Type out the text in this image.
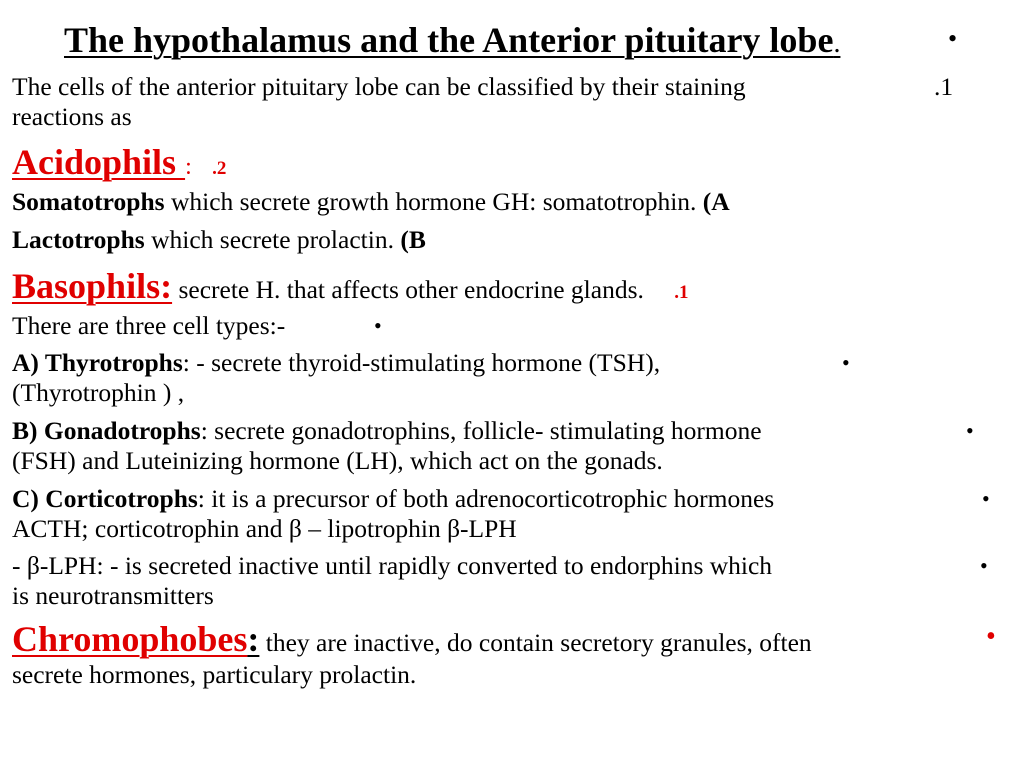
The hypothalamus and the Anterior pituitary lobe.	•
The cells of the anterior pituitary lobe can be classified by their staining	.1
reactions as
Acidophils : .2
Somatotrophs which secrete growth hormone GH: somatotrophin. (A
Lactotrophs which secrete prolactin. (B
Basophils: secrete H. that affects other endocrine glands. .1
There are three cell types:-	•
A) Thyrotrophs: - secrete thyroid-stimulating hormone (TSH),	•
(Thyrotrophin ) ,
B) Gonadotrophs: secrete gonadotrophins, follicle- stimulating hormone	•
(FSH) and Luteinizing hormone (LH), which act on the gonads.
C) Corticotrophs: it is a precursor of both adrenocorticotrophic hormones	•
ACTH; corticotrophin and β – lipotrophin β-LPH
- β-LPH: - is secreted inactive until rapidly converted to endorphins which	•
is neurotransmitters
Chromophobes: they are inactive, do contain secretory granules, often	•
secrete hormones, particulary prolactin.
